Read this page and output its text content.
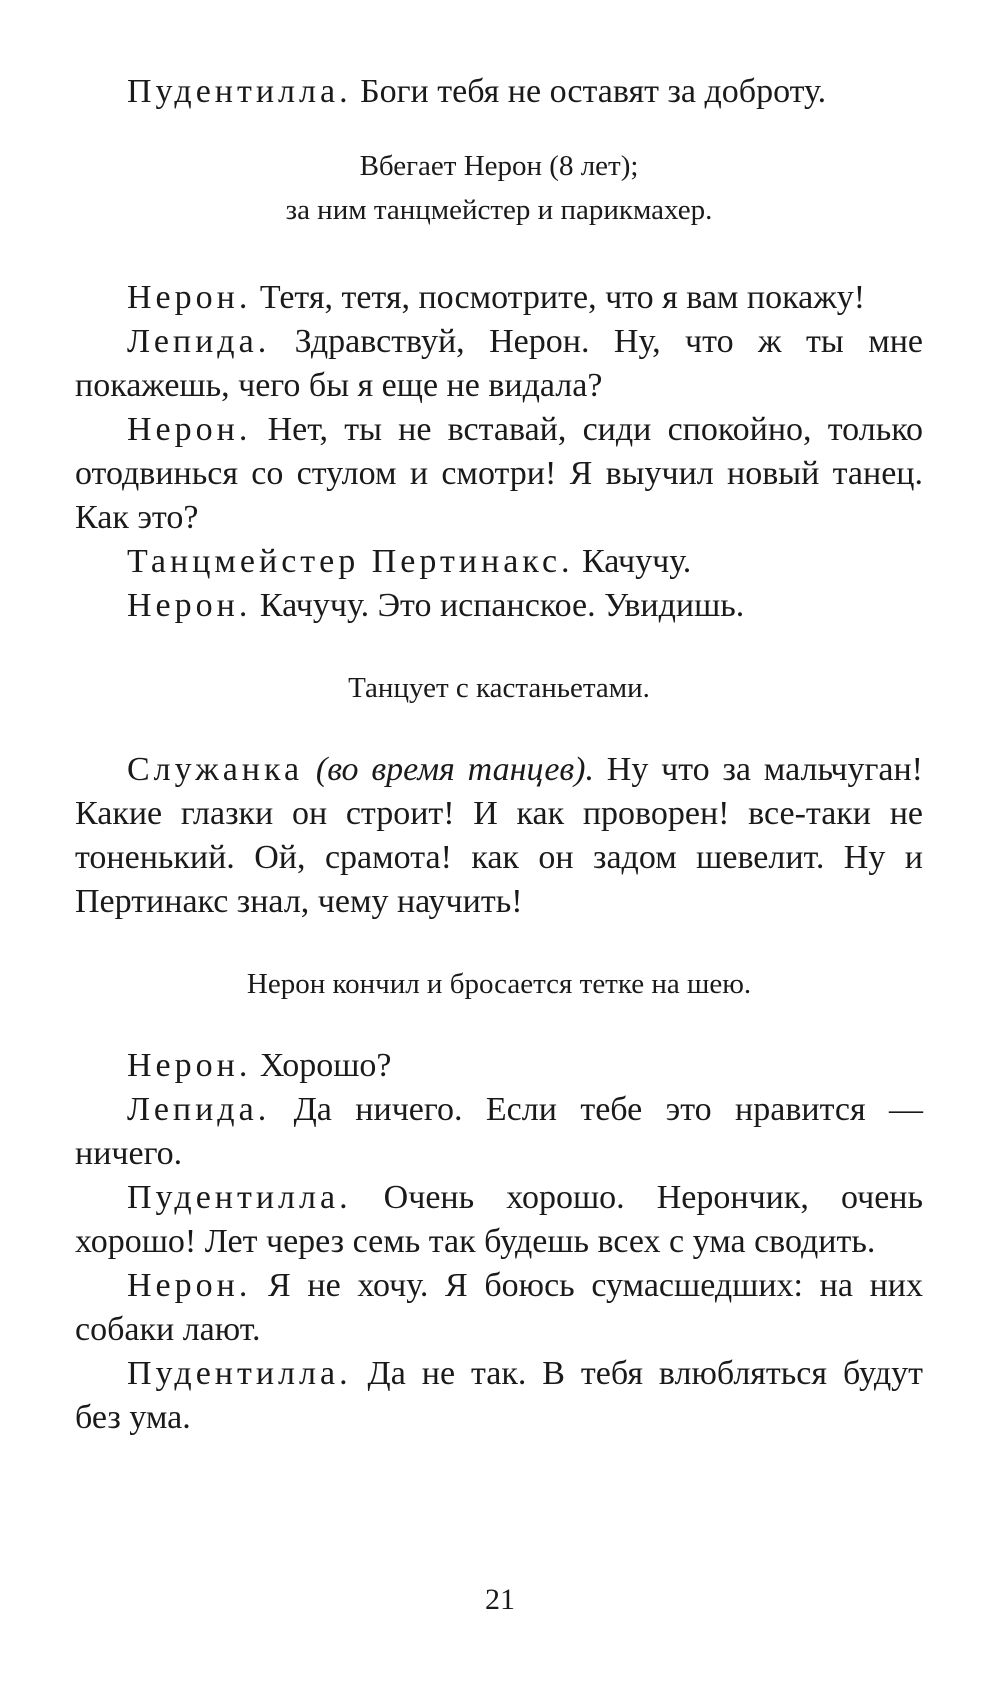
Пудентилла. Боги тебя не оставят за доброту.

Вбегает Нерон (8 лет);

за ним танцмейстер и парикмахер.

Нерон. Тетя, тетя, посмотрите, что я вам покажу!

Лепида. Здравствуй, Нерон. Ну, что ж ты мне покажешь, чего бы я еще не видала?

Нерон. Нет, ты не вставай, сиди спокойно, только отодвинься со стулом и смотри! Я выучил новый танец. Как это?

Танцмейстер Пертинакс. Качучу.

Нерон. Качучу. Это испанское. Увидишь.

Танцует с кастаньетами.

Служанка (во время танцев). Ну что за мальчуган! Какие глазки он строит! И как проворен! все-таки не тоненький. Ой, срамота! как он задом шевелит. Ну и Пертинакс знал, чему научить!

Нерон кончил и бросается тетке на шею.

Нерон. Хорошо?

Лепида. Да ничего. Если тебе это нравится — ничего.

Пудентилла. Очень хорошо. Нерончик, очень хорошо! Лет через семь так будешь всех с ума сводить.

Нерон. Я не хочу. Я боюсь сумасшедших: на них собаки лают.

Пудентилла. Да не так. В тебя влюбляться будут без ума.

21
